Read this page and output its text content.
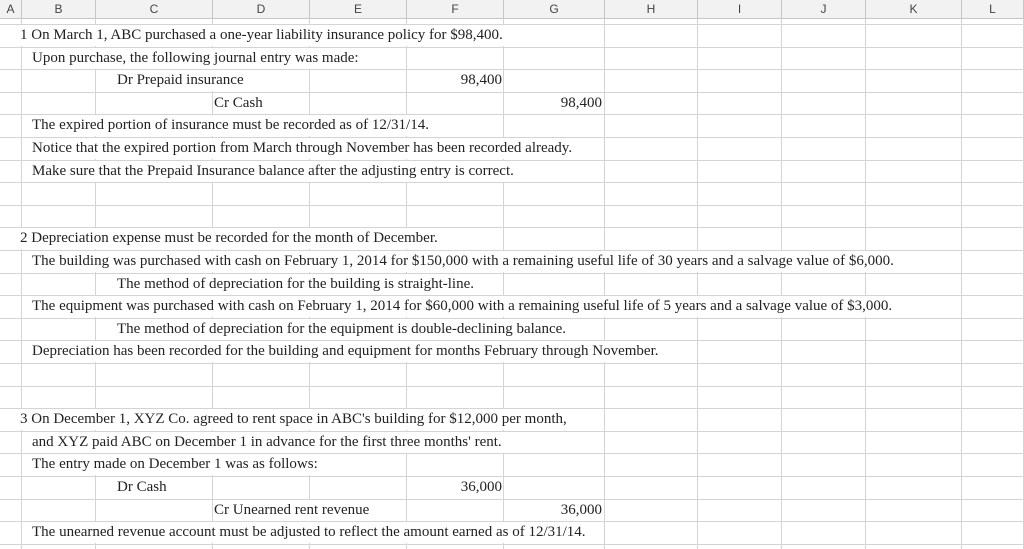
A	B	C	D	E	F	G	H	I	J	K	L
1 On March 1, ABC purchased a one-year liability insurance policy for $98,400.
Upon purchase, the following journal entry was made:
Dr Prepaid insurance	98,400
Cr Cash	98,400
The expired portion of insurance must be recorded as of 12/31/14.
Notice that the expired portion from March through November has been recorded already.
Make sure that the Prepaid Insurance balance after the adjusting entry is correct.
2 Depreciation expense must be recorded for the month of December.
The building was purchased with cash on February 1, 2014 for $150,000 with a remaining useful life of 30 years and a salvage value of $6,000.
The method of depreciation for the building is straight-line.
The equipment was purchased with cash on February 1, 2014 for $60,000 with a remaining useful life of 5 years and a salvage value of $3,000.
The method of depreciation for the equipment is double-declining balance.
Depreciation has been recorded for the building and equipment for months February through November.
3 On December 1, XYZ Co. agreed to rent space in ABC's building for $12,000 per month,
and XYZ paid ABC on December 1 in advance for the first three months' rent.
The entry made on December 1 was as follows:
Dr Cash	36,000
Cr Unearned rent revenue	36,000
The unearned revenue account must be adjusted to reflect the amount earned as of 12/31/14.
